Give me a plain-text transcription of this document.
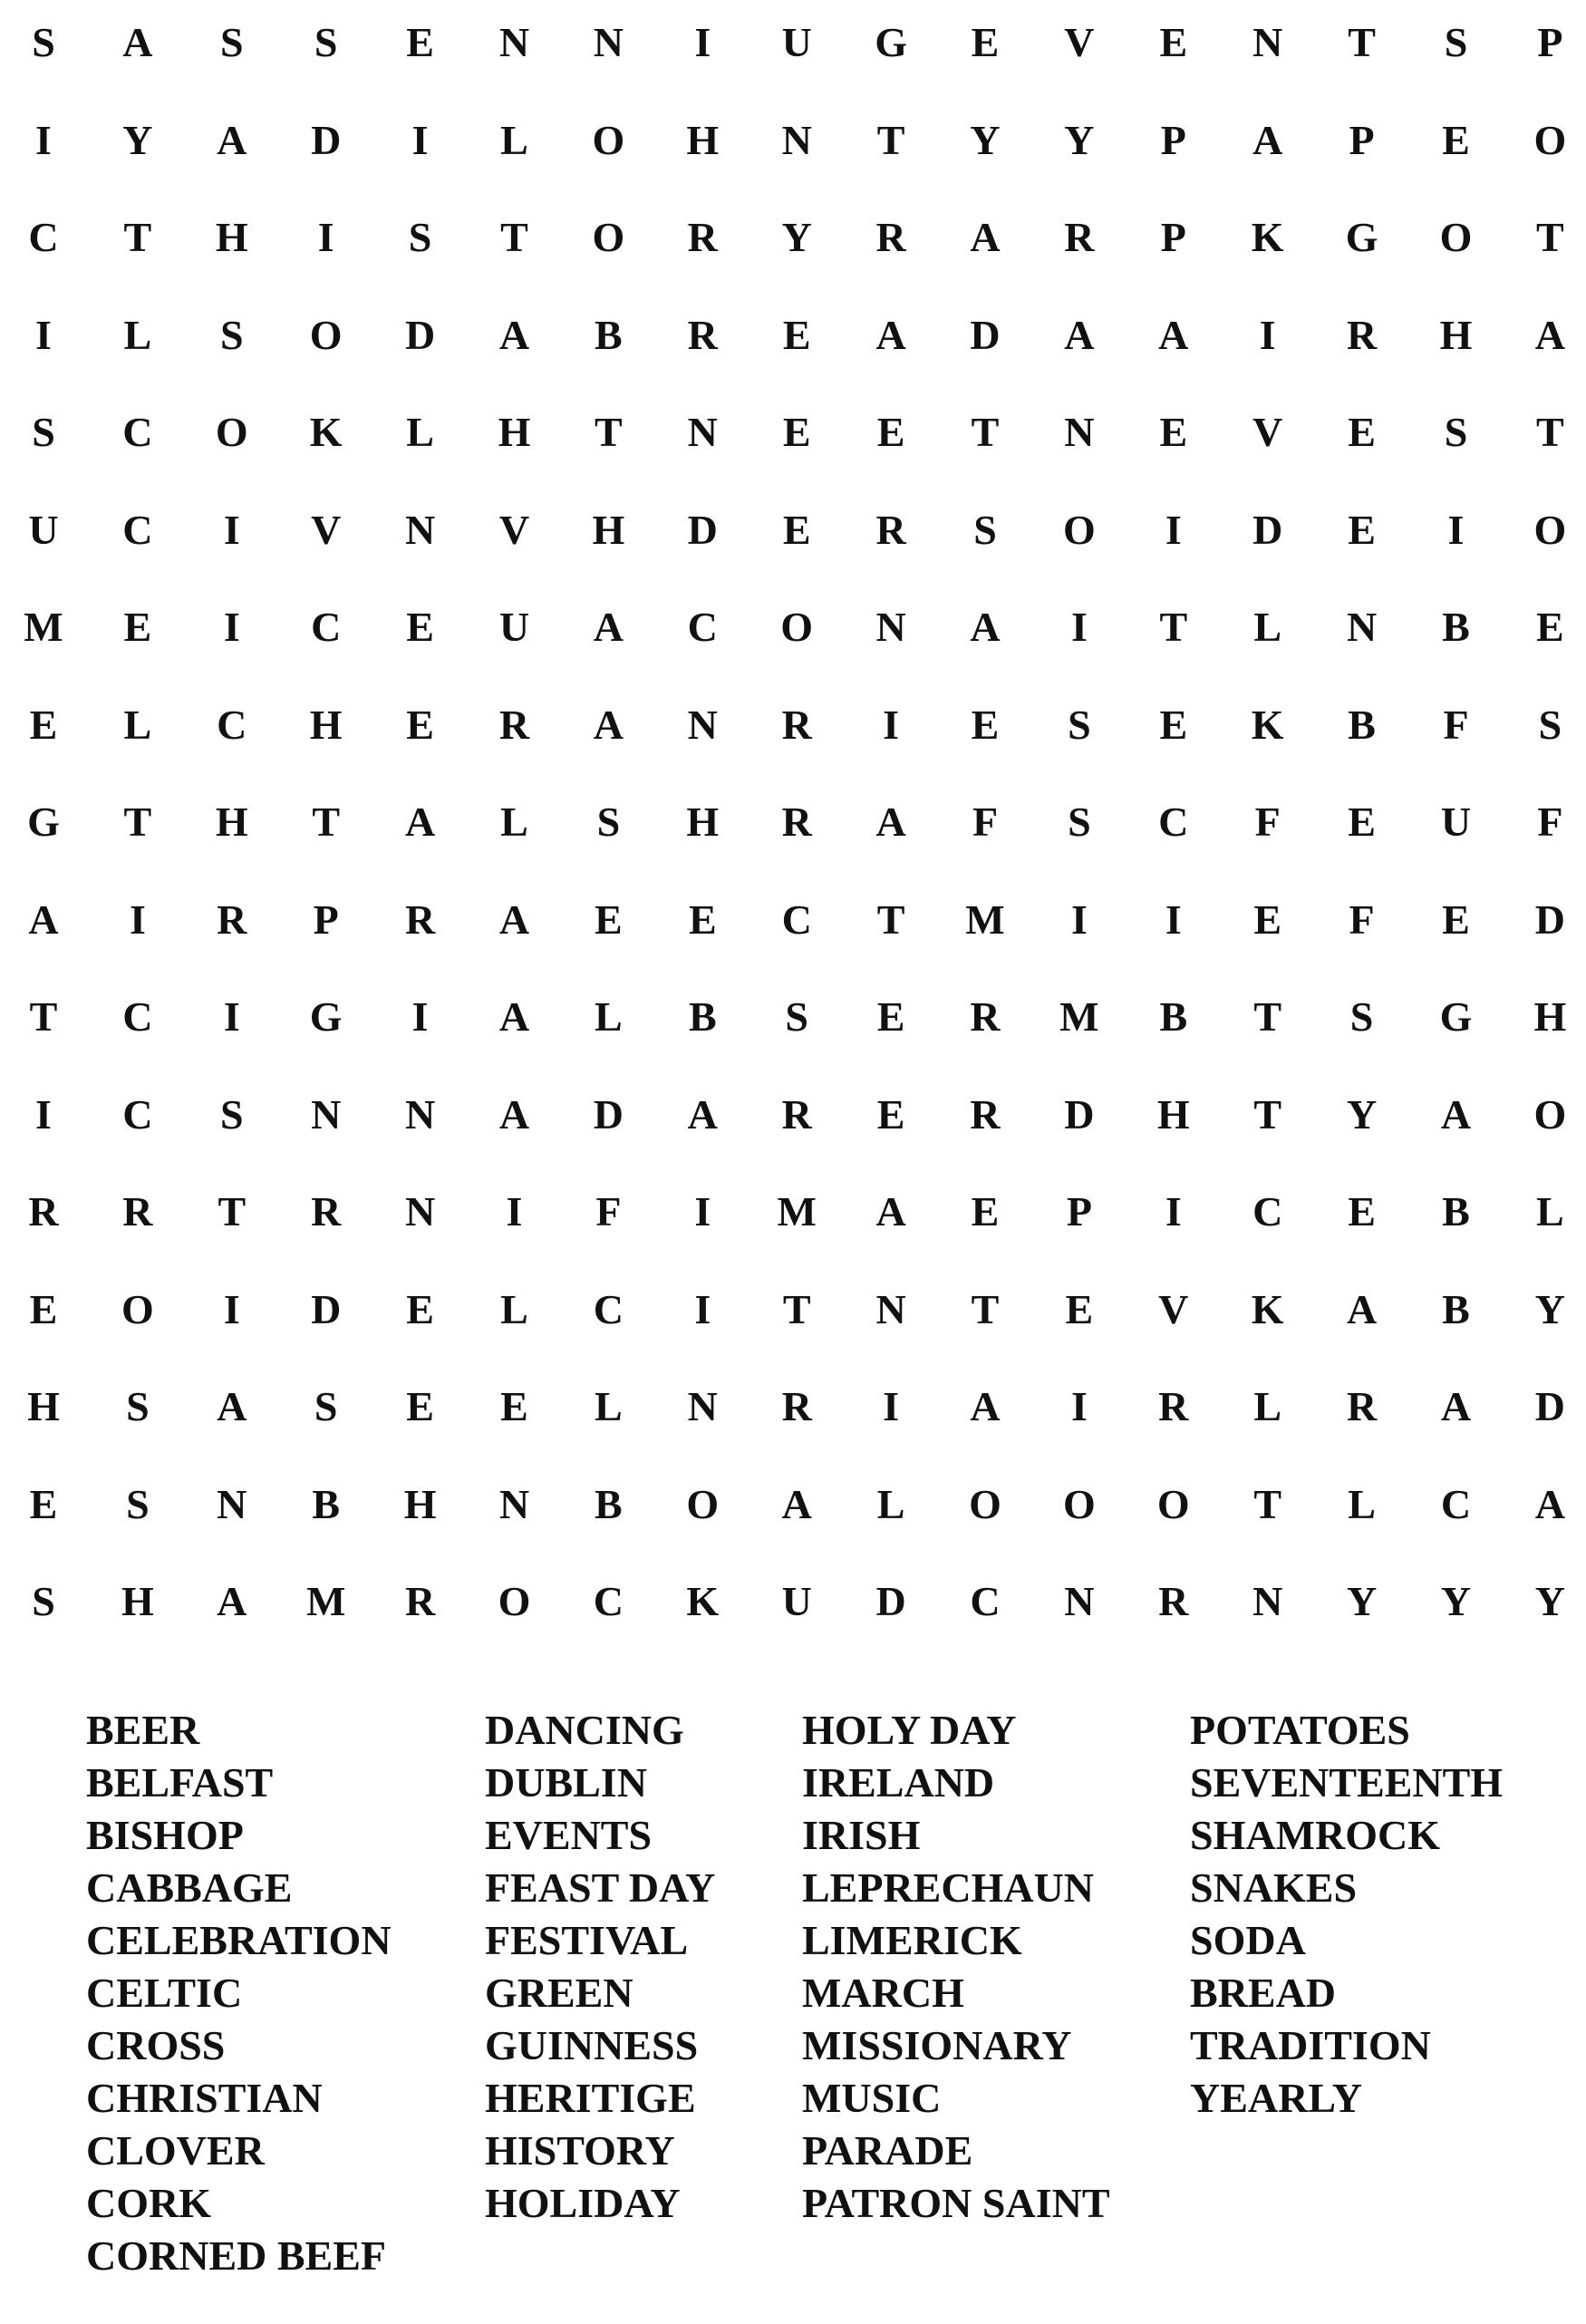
S	A	S	S	E	N N	I	U G	E	V	E	N	T	S	P
I	Y A D	I	L	O H N	T	Y Y	P	A	P	E	O
C	T	H	I	S	T	O R Y R A R	P	K G O	T
I	L	S	O D A	B	R	E	A D A A	I	R H A
S	C O K	L	H	T	N	E	E	T	N	E	V	E	S	T
U C	I	V N V H D	E	R	S	O	I	D	E	I	O
M	E	I	C	E	U A C O N A	I	T	L	N	B	E
E	L	C H	E	R A N R	I	E	S	E	K	B	F	S
G	T	H	T	A	L	S	H R A	F	S	C	F	E	U	F
A	I	R	P	R A	E	E	C	T	M	I	I	E	F	E	D
T	C	I	G	I	A	L	B	S	E	R M	B	T	S	G H
I	C	S	N N A D A R	E	R D H	T	Y A O
R R	T	R N	I	F	I	M A	E	P	I	C	E	B	L
E	O	I	D	E	L	C	I	T	N	T	E	V K A	B	Y
H	S	A	S	E	E	L	N R	I	A	I	R	L	R A D
E	S	N	B	H N	B	O A	L	O O O	T	L	C A
S	H A M R O C K U D C N R N Y Y Y
BEER
BELFAST
BISHOP
CABBAGE
CELEBRATION
CELTIC
CROSS
CHRISTIAN
CLOVER
CORK
CORNED BEEF
DANCING
DUBLIN
EVENTS
FEAST DAY
FESTIVAL
GREEN
GUINNESS
HERITIGE
HISTORY
HOLIDAY
HOLY DAY
IRELAND
IRISH
LEPRECHAUN
LIMERICK
MARCH
MISSIONARY
MUSIC
PARADE
PATRON SAINT
POTATOES
SEVENTEENTH
SHAMROCK
SNAKES
SODA
BREAD
TRADITION
YEARLY
